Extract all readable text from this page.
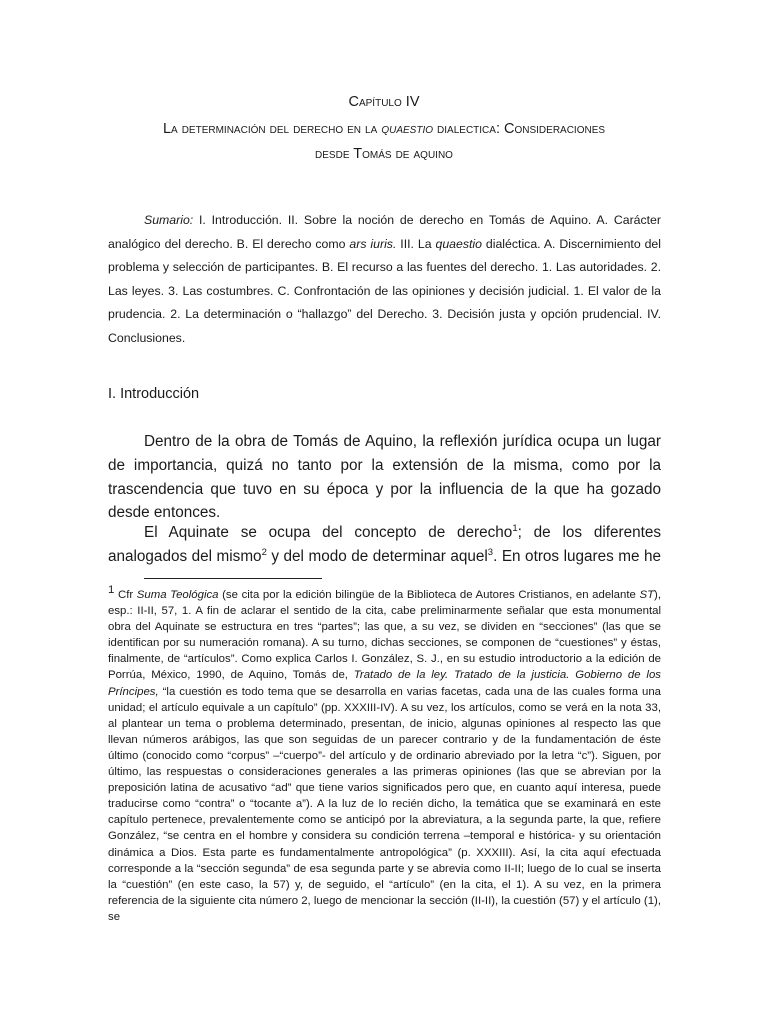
Capítulo IV
La determinación del derecho en la quaestio dialectica: Consideraciones
desde Tomás de aquino

Sumario: I. Introducción. II. Sobre la noción de derecho en Tomás de Aquino. A. Carácter analógico del derecho. B. El derecho como ars iuris. III. La quaestio dialéctica. A. Discernimiento del problema y selección de participantes. B. El recurso a las fuentes del derecho. 1. Las autoridades. 2. Las leyes. 3. Las costumbres. C. Confrontación de las opiniones y decisión judicial. 1. El valor de la prudencia. 2. La determinación o “hallazgo” del Derecho. 3. Decisión justa y opción prudencial. IV. Conclusiones.

I. Introducción

Dentro de la obra de Tomás de Aquino, la reflexión jurídica ocupa un lugar de importancia, quizá no tanto por la extensión de la misma, como por la trascendencia que tuvo en su época y por la influencia de la que ha gozado desde entonces.

El Aquinate se ocupa del concepto de derecho$^1$; de los diferentes analogados del mismo$^2$ y del modo de determinar aquel$^3$. En otros lugares me he

$^1$ Cfr Suma Teológica (se cita por la edición bilingüe de la Biblioteca de Autores Cristianos, en adelante ST), esp.: II-II, 57, 1. A fin de aclarar el sentido de la cita, cabe preliminarmente señalar que esta monumental obra del Aquinate se estructura en tres “partes”; las que, a su vez, se dividen en “secciones” (las que se identifican por su numeración romana). A su turno, dichas secciones, se componen de “cuestiones” y éstas, finalmente, de “artículos”. Como explica Carlos I. González, S. J., en su estudio introductorio a la edición de Porrúa, México, 1990, de Aquino, Tomás de, Tratado de la ley. Tratado de la justicia. Gobierno de los Príncipes, “la cuestión es todo tema que se desarrolla en varias facetas, cada una de las cuales forma una unidad; el artículo equivale a un capítulo” (pp. XXXIII-IV). A su vez, los artículos, como se verá en la nota 33, al plantear un tema o problema determinado, presentan, de inicio, algunas opiniones al respecto las que llevan números arábigos, las que son seguidas de un parecer contrario y de la fundamentación de éste último (conocido como “corpus” –“cuerpo”- del artículo y de ordinario abreviado por la letra “c”). Siguen, por último, las respuestas o consideraciones generales a las primeras opiniones (las que se abrevian por la preposición latina de acusativo “ad” que tiene varios significados pero que, en cuanto aquí interesa, puede traducirse como “contra” o “tocante a”). A la luz de lo recién dicho, la temática que se examinará en este capítulo pertenece, prevalentemente como se anticipó por la abreviatura, a la segunda parte, la que, refiere González, “se centra en el hombre y considera su condición terrena –temporal e histórica- y su orientación dinámica a Dios. Esta parte es fundamentalmente antropológica” (p. XXXIII). Así, la cita aquí efectuada corresponde a la “sección segunda” de esa segunda parte y se abrevia como II-II; luego de lo cual se inserta la “cuestión” (en este caso, la 57) y, de seguido, el “artículo” (en la cita, el 1). A su vez, en la primera referencia de la siguiente cita número 2, luego de mencionar la sección (II-II), la cuestión (57) y el artículo (1), se
